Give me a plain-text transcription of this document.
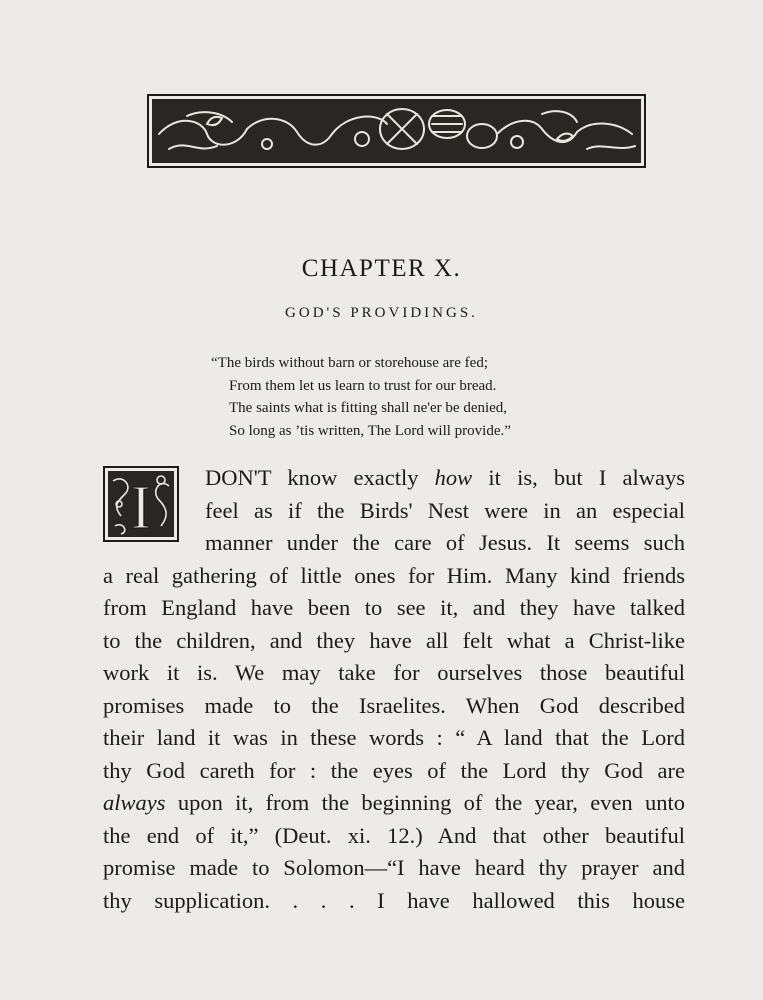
CHAPTER X.
GOD'S PROVIDINGS.
“The birds without barn or storehouse are fed;
From them let us learn to trust for our bread.
The saints what is fitting shall ne'er be denied,
So long as ’tis written, The Lord will provide.”
I DON'T know exactly how it is, but I always
feel as if the Birds' Nest were in an especial
manner under the care of Jesus. It seems such
a real gathering of little ones for Him. Many kind friends
from England have been to see it, and they have talked
to the children, and they have all felt what a Christ-like
work it is. We may take for ourselves those beautiful
promises made to the Israelites. When God described
their land it was in these words : “ A land that the Lord
thy God careth for : the eyes of the Lord thy God are
always upon it, from the beginning of the year, even unto
the end of it,” (Deut. xi. 12.) And that other beautiful
promise made to Solomon—“I have heard thy prayer and
thy supplication. . . . I have hallowed this house
